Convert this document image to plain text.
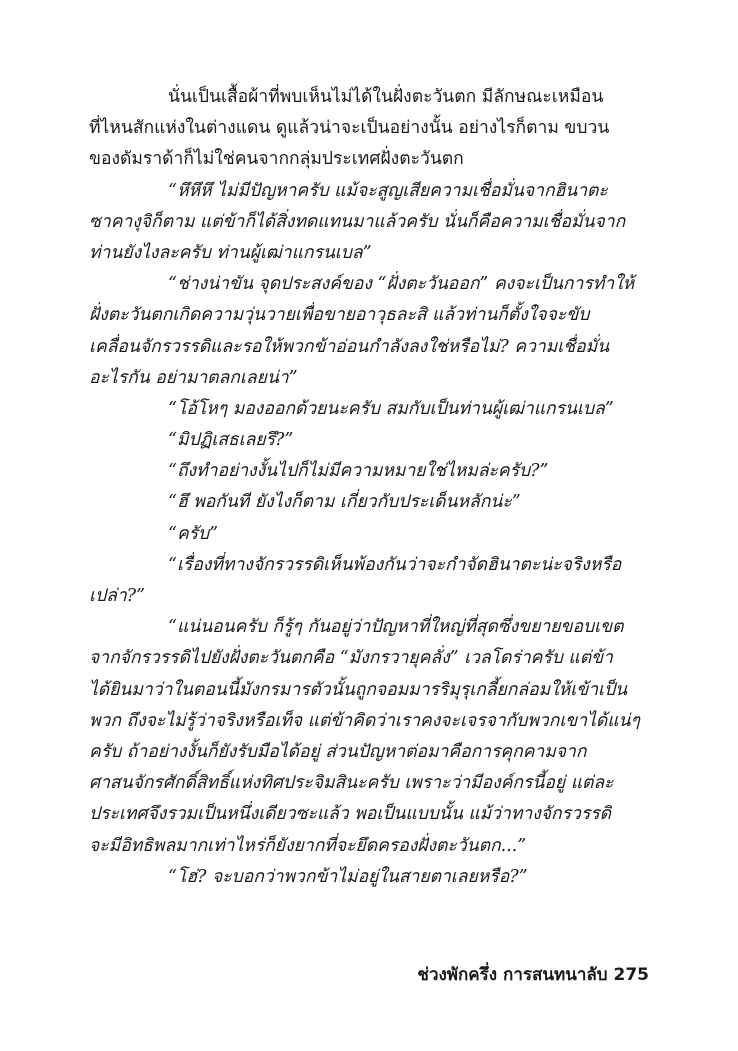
นั่นเป็นเสื้อผ้าที่พบเห็นไม่ได้ในฝั่งตะวันตก มีลักษณะเหมือน
ที่ไหนสักแห่งในต่างแดน ดูแล้วน่าจะเป็นอย่างนั้น อย่างไรก็ตาม ขบวน
ของดัมราด้าก็ไม่ใช่คนจากกลุ่มประเทศฝั่งตะวันตก
“หึหึหึ ไม่มีปัญหาครับ แม้จะสูญเสียความเชื่อมั่นจากฮินาตะ
ซาคางุจิก็ตาม แต่ข้าก็ได้สิ่งทดแทนมาแล้วครับ นั่นก็คือความเชื่อมั่นจาก
ท่านยังไงละครับ ท่านผู้เฒ่าแกรนเบล”
“ช่างน่าขัน จุดประสงค์ของ “ฝั่งตะวันออก” คงจะเป็นการทำให้
ฝั่งตะวันตกเกิดความวุ่นวายเพื่อขายอาวุธละสิ แล้วท่านก็ตั้งใจจะขับ
เคลื่อนจักรวรรดิและรอให้พวกข้าอ่อนกำลังลงใช่หรือไม่? ความเชื่อมั่น
อะไรกัน อย่ามาตลกเลยน่า”
“โอ้โหๆ มองออกด้วยนะครับ สมกับเป็นท่านผู้เฒ่าแกรนเบล”
“มิปฏิเสธเลยรึ?”
“ถึงทำอย่างงั้นไปก็ไม่มีความหมายใช่ไหมล่ะครับ?”
“ฮึ พอกันที ยังไงก็ตาม เกี่ยวกับประเด็นหลักน่ะ”
“ครับ”
“เรื่องที่ทางจักรวรรดิเห็นพ้องกันว่าจะกำจัดฮินาตะน่ะจริงหรือ
เปล่า?”
“แน่นอนครับ ก็รู้ๆ กันอยู่ว่าปัญหาที่ใหญ่ที่สุดซึ่งขยายขอบเขต
จากจักรวรรดิไปยังฝั่งตะวันตกคือ “มังกรวายุคลั่ง” เวลโดร่าครับ แต่ข้า
ได้ยินมาว่าในตอนนี้มังกรมารตัวนั้นถูกจอมมารริมุรุเกลี้ยกล่อมให้เข้าเป็น
พวก ถึงจะไม่รู้ว่าจริงหรือเท็จ แต่ข้าคิดว่าเราคงจะเจรจากับพวกเขาได้แน่ๆ
ครับ ถ้าอย่างงั้นก็ยังรับมือได้อยู่ ส่วนปัญหาต่อมาคือการคุกคามจาก
ศาสนจักรศักดิ์สิทธิ์แห่งทิศประจิมสินะครับ เพราะว่ามีองค์กรนี้อยู่ แต่ละ
ประเทศจึงรวมเป็นหนึ่งเดียวซะแล้ว พอเป็นแบบนั้น แม้ว่าทางจักรวรรดิ
จะมีอิทธิพลมากเท่าไหร่ก็ยังยากที่จะยึดครองฝั่งตะวันตก...”
“โฮ่? จะบอกว่าพวกข้าไม่อยู่ในสายตาเลยหรือ?”
ช่วงพักครึ่ง การสนทนาลับ 275
